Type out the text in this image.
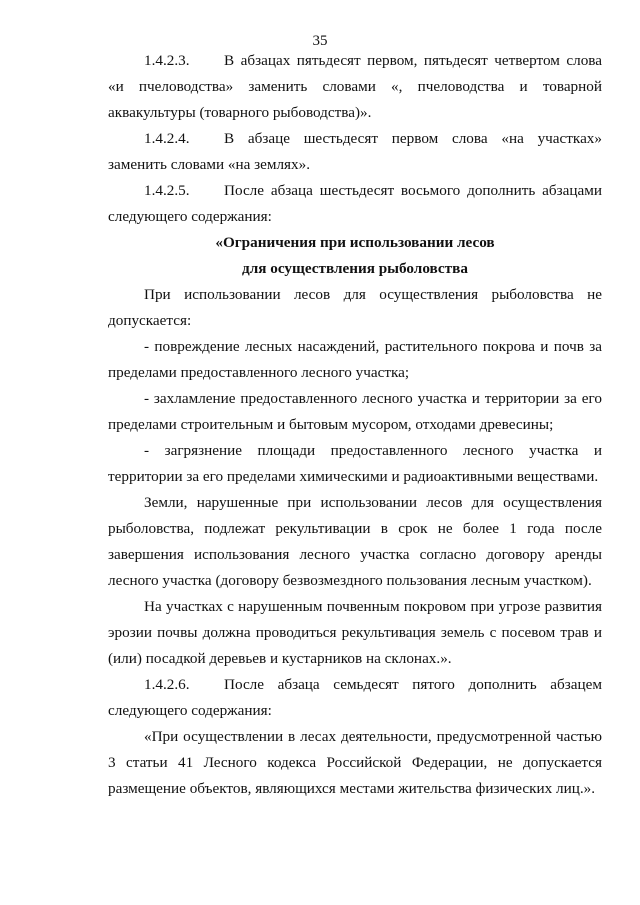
35

1.4.2.3. В абзацах пятьдесят первом, пятьдесят четвертом слова «и пчеловодства» заменить словами «, пчеловодства и товарной аквакультуры (товарного рыбоводства)».

1.4.2.4. В абзаце шестьдесят первом слова «на участках» заменить словами «на землях».

1.4.2.5. После абзаца шестьдесят восьмого дополнить абзацами следующего содержания:

«Ограничения при использовании лесов

для осуществления рыболовства

При использовании лесов для осуществления рыболовства не допускается:

- повреждение лесных насаждений, растительного покрова и почв за пределами предоставленного лесного участка;

- захламление предоставленного лесного участка и территории за его пределами строительным и бытовым мусором, отходами древесины;

- загрязнение площади предоставленного лесного участка и территории за его пределами химическими и радиоактивными веществами.

Земли, нарушенные при использовании лесов для осуществления рыболовства, подлежат рекультивации в срок не более 1 года после завершения использования лесного участка согласно договору аренды лесного участка (договору безвозмездного пользования лесным участком).

На участках с нарушенным почвенным покровом при угрозе развития эрозии почвы должна проводиться рекультивация земель с посевом трав и (или) посадкой деревьев и кустарников на склонах.».

1.4.2.6. После абзаца семьдесят пятого дополнить абзацем следующего содержания:

«При осуществлении в лесах деятельности, предусмотренной частью 3 статьи 41 Лесного кодекса Российской Федерации, не допускается размещение объектов, являющихся местами жительства физических лиц.».
